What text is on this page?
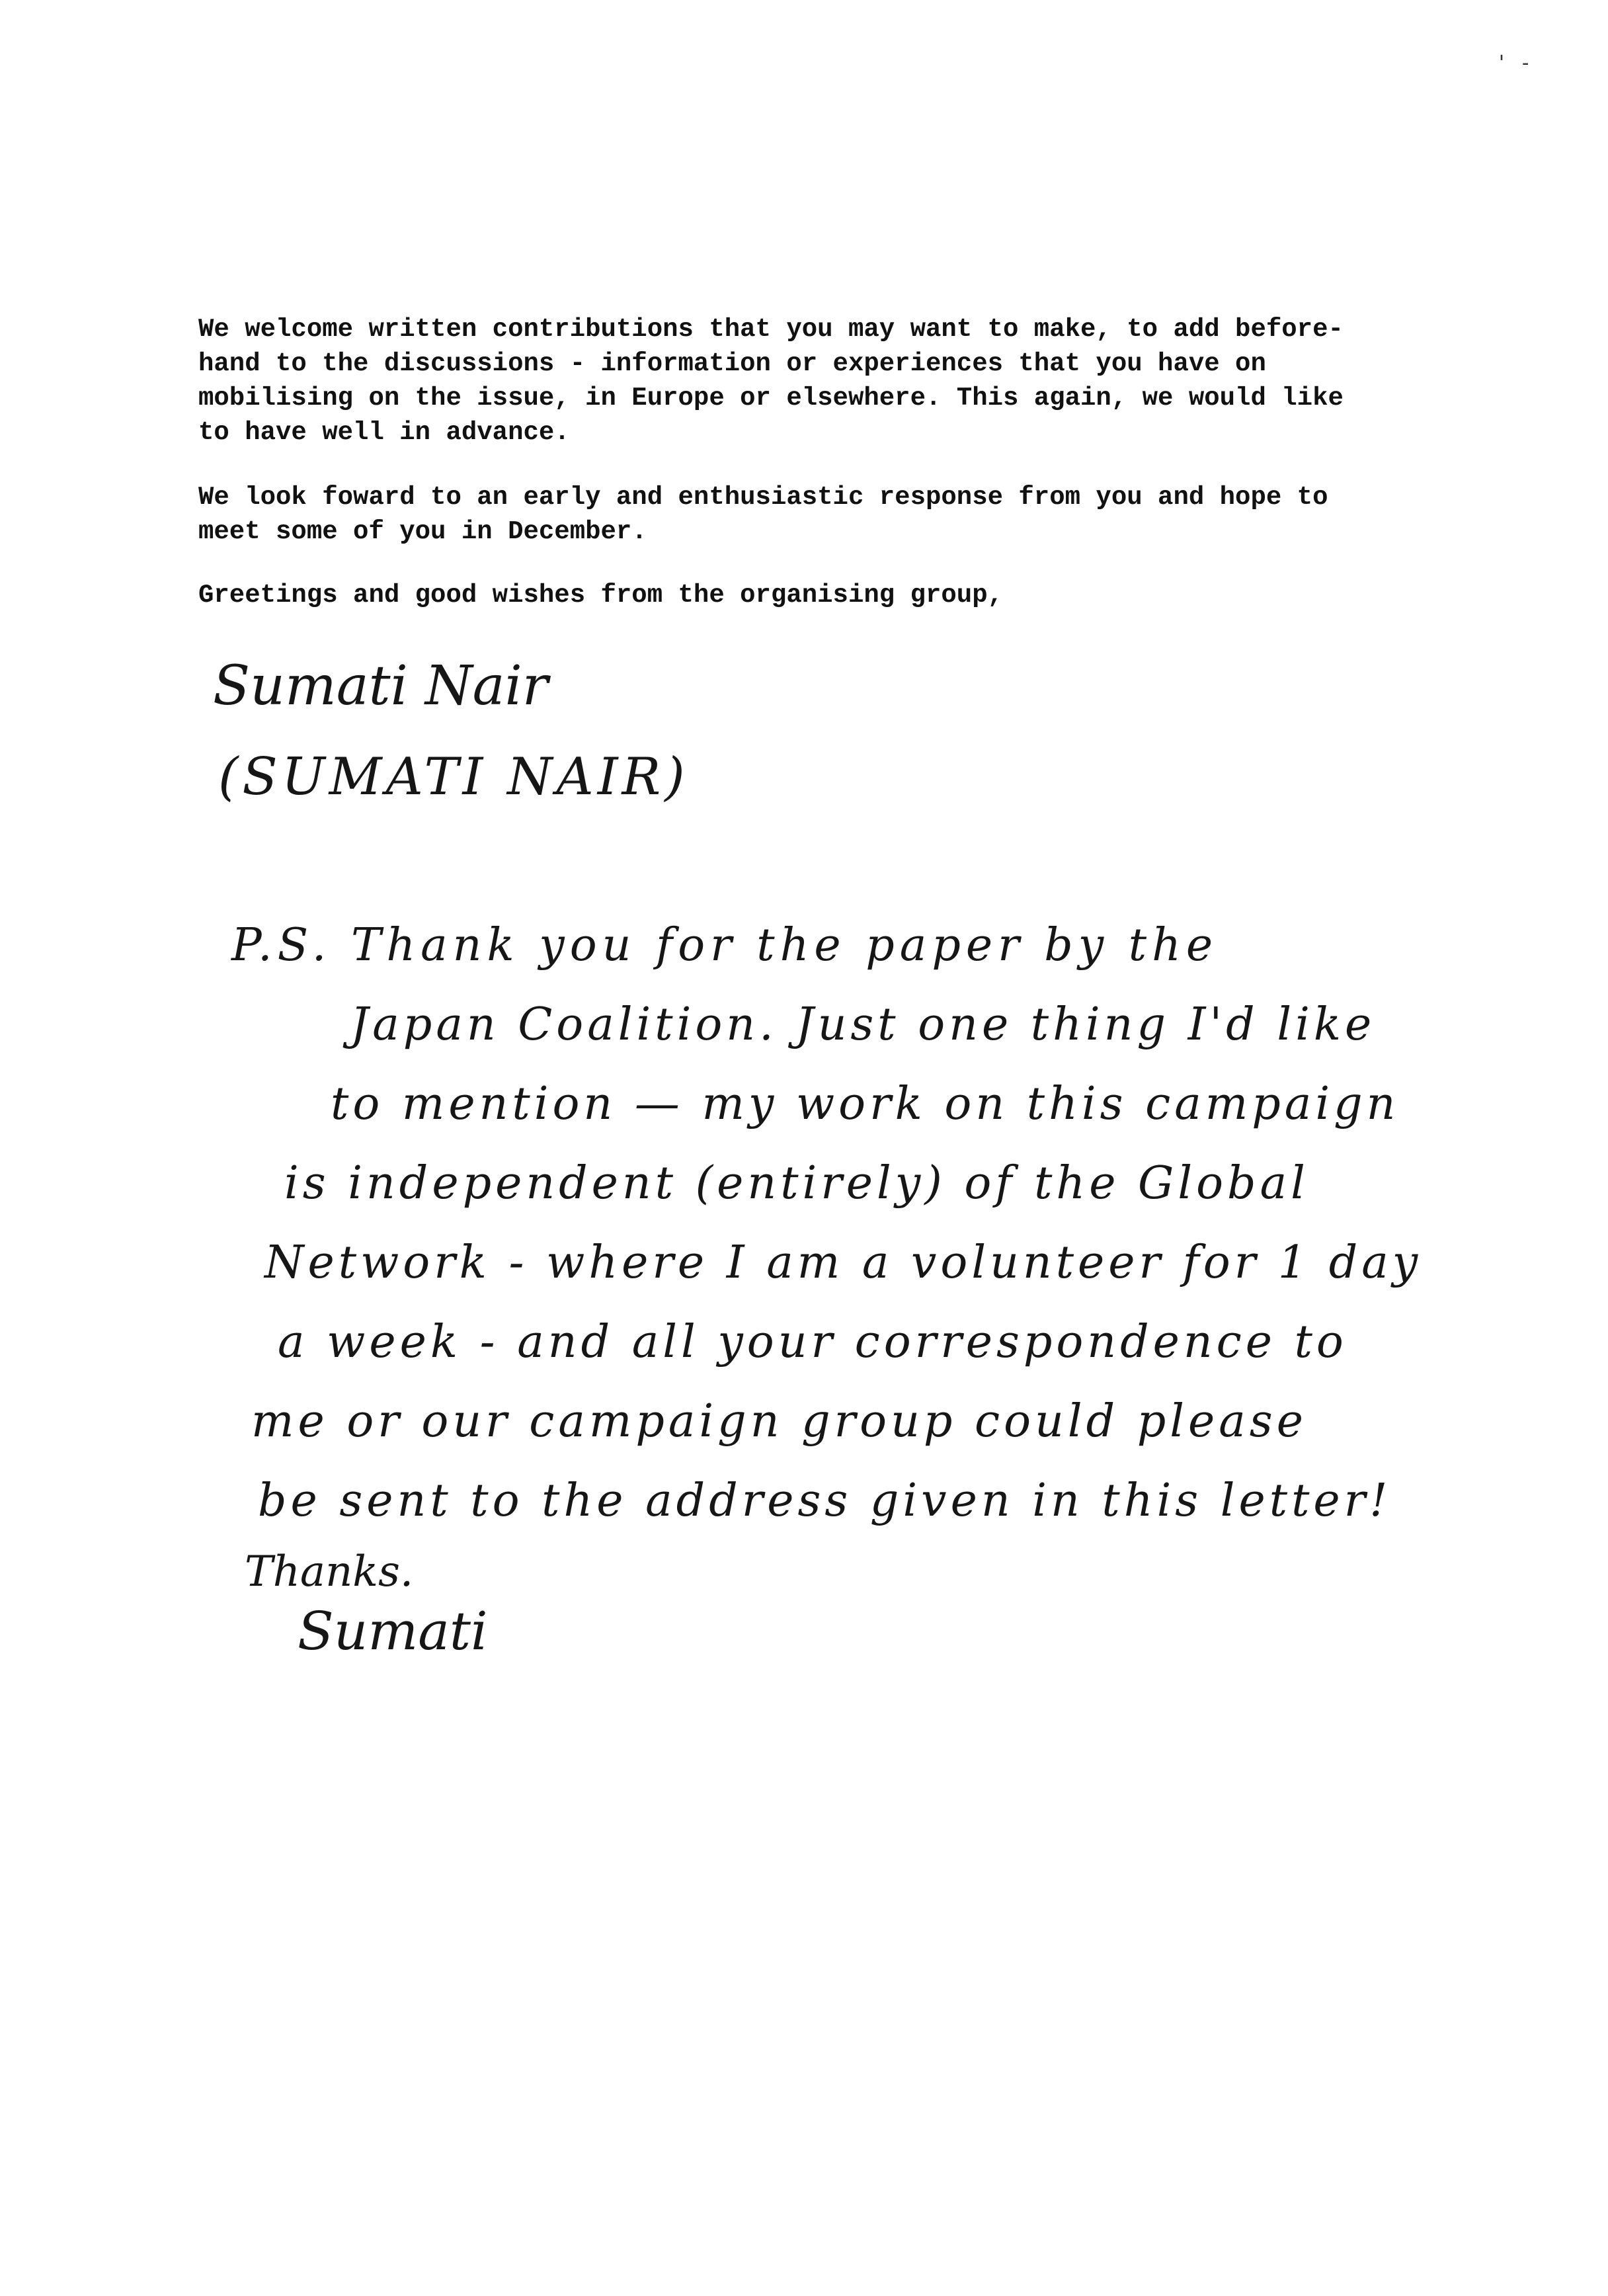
' -

We welcome written contributions that you may want to make, to add before-
hand to the discussions - information or experiences that you have on
mobilising on the issue, in Europe or elsewhere. This again, we would like
to have well in advance.

We look foward to an early and enthusiastic response from you and hope to
meet some of you in December.

Greetings and good wishes from the organising group,

Sumati Nair
(SUMATI NAIR)
P.S. Thank you for the paper by the
Japan Coalition. Just one thing I'd like
to mention — my work on this campaign
is independent (entirely) of the Global
Network - where I am a volunteer for 1 day
a week - and all your correspondence to
me or our campaign group could please
be sent to the address given in this letter!
Thanks.
Sumati
